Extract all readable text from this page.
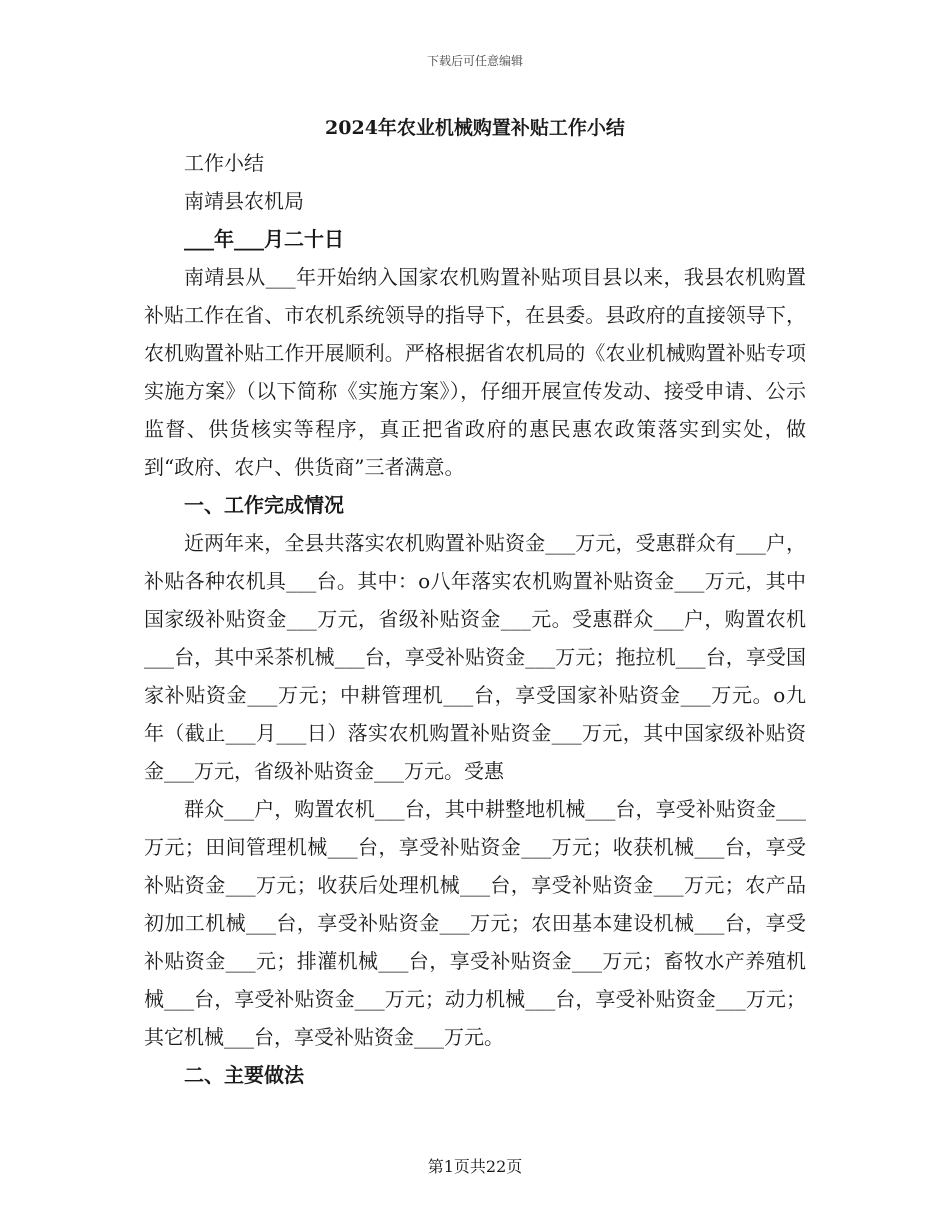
下载后可任意编辑
2024年农业机械购置补贴工作小结
工作小结
南靖县农机局
___年___月二十日

南靖县从___年开始纳入国家农机购置补贴项目县以来，我县农机购置补贴工作在省、市农机系统领导的指导下，在县委。县政府的直接领导下，农机购置补贴工作开展顺利。严格根据省农机局的《农业机械购置补贴专项实施方案》（以下简称《实施方案》），仔细开展宣传发动、接受申请、公示监督、供货核实等程序，真正把省政府的惠民惠农政策落实到实处，做到“政府、农户、供货商”三者满意。

一、工作完成情况

近两年来，全县共落实农机购置补贴资金___万元，受惠群众有___户，补贴各种农机具___台。其中：o八年落实农机购置补贴资金___万元，其中国家级补贴资金___万元，省级补贴资金___元。受惠群众___户，购置农机___台，其中采茶机械___台，享受补贴资金___万元；拖拉机___台，享受国家补贴资金___万元；中耕管理机___台，享受国家补贴资金___万元。o九年（截止___月___日）落实农机购置补贴资金___万元，其中国家级补贴资金___万元，省级补贴资金___万元。受惠

群众___户，购置农机___台，其中耕整地机械___台，享受补贴资金___万元；田间管理机械___台，享受补贴资金___万元；收获机械___台，享受补贴资金___万元；收获后处理机械___台，享受补贴资金___万元；农产品初加工机械___台，享受补贴资金___万元；农田基本建设机械___台，享受补贴资金___元；排灌机械___台，享受补贴资金___万元；畜牧水产养殖机械___台，享受补贴资金___万元；动力机械___台，享受补贴资金___万元；其它机械___台，享受补贴资金___万元。

二、主要做法
第1页共22页
